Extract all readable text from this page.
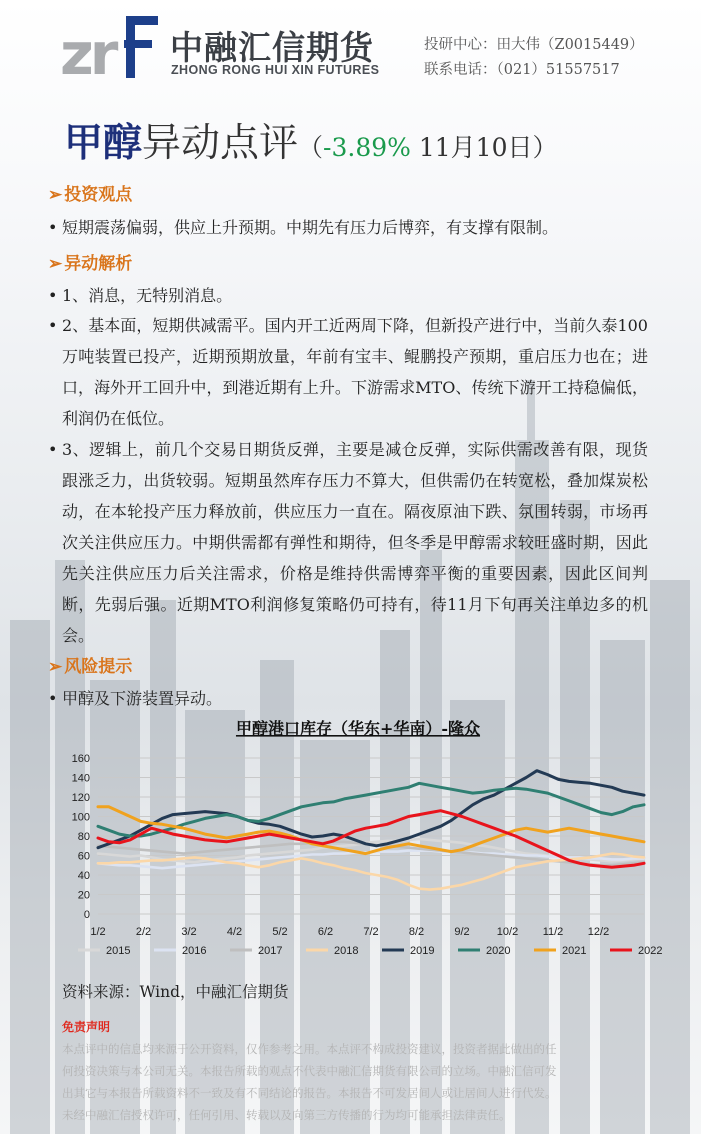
zr 中融汇信期货
ZHONG RONG HUI XIN FUTURES
投研中心：田大伟（Z0015449）
联系电话：（021）51557517
甲醇异动点评（-3.89% 11月10日）
➢ 投资观点
• 短期震荡偏弱，供应上升预期。中期先有压力后博弈，有支撑有限制。
➢ 异动解析
• 1、消息，无特别消息。
• 2、基本面，短期供减需平。国内开工近两周下降，但新投产进行中，当前久泰100万吨装置已投产，近期预期放量，年前有宝丰、鲲鹏投产预期，重启压力也在；进口，海外开工回升中，到港近期有上升。下游需求MTO、传统下游开工持稳偏低，利润仍在低位。
• 3、逻辑上，前几个交易日期货反弹，主要是减仓反弹，实际供需改善有限，现货跟涨乏力，出货较弱。短期虽然库存压力不算大，但供需仍在转宽松，叠加煤炭松动，在本轮投产压力释放前，供应压力一直在。隔夜原油下跌、氛围转弱，市场再次关注供应压力。中期供需都有弹性和期待，但冬季是甲醇需求较旺盛时期，因此先关注供应压力后关注需求，价格是维持供需博弈平衡的重要因素，因此区间判断，先弱后强。近期MTO利润修复策略仍可持有，待11月下旬再关注单边多的机会。
➢ 风险提示
• 甲醇及下游装置异动。
甲醇港口库存（华东+华南）-隆众
0
20
40
60
80
100
120
140
160
1/2	2/2	3/2	4/2	5/2	6/2	7/2	8/2	9/2 10/2 11/2 12/2
2015	2016	2017	2018	2019	2020	2021	2022
资料来源：Wind，中融汇信期货
免责声明
本点评中的信息均来源于公开资料，仅作参考之用。本点评不构成投资建议，投资者据此做出的任
何投资决策与本公司无关。本报告所载的观点不代表中融汇信期货有限公司的立场。中融汇信可发
出其它与本报告所载资料不一致及有不同结论的报告。本报告不可发居间人或让居间人进行代发。
未经中融汇信授权许可，任何引用、转载以及向第三方传播的行为均可能承担法律责任。
